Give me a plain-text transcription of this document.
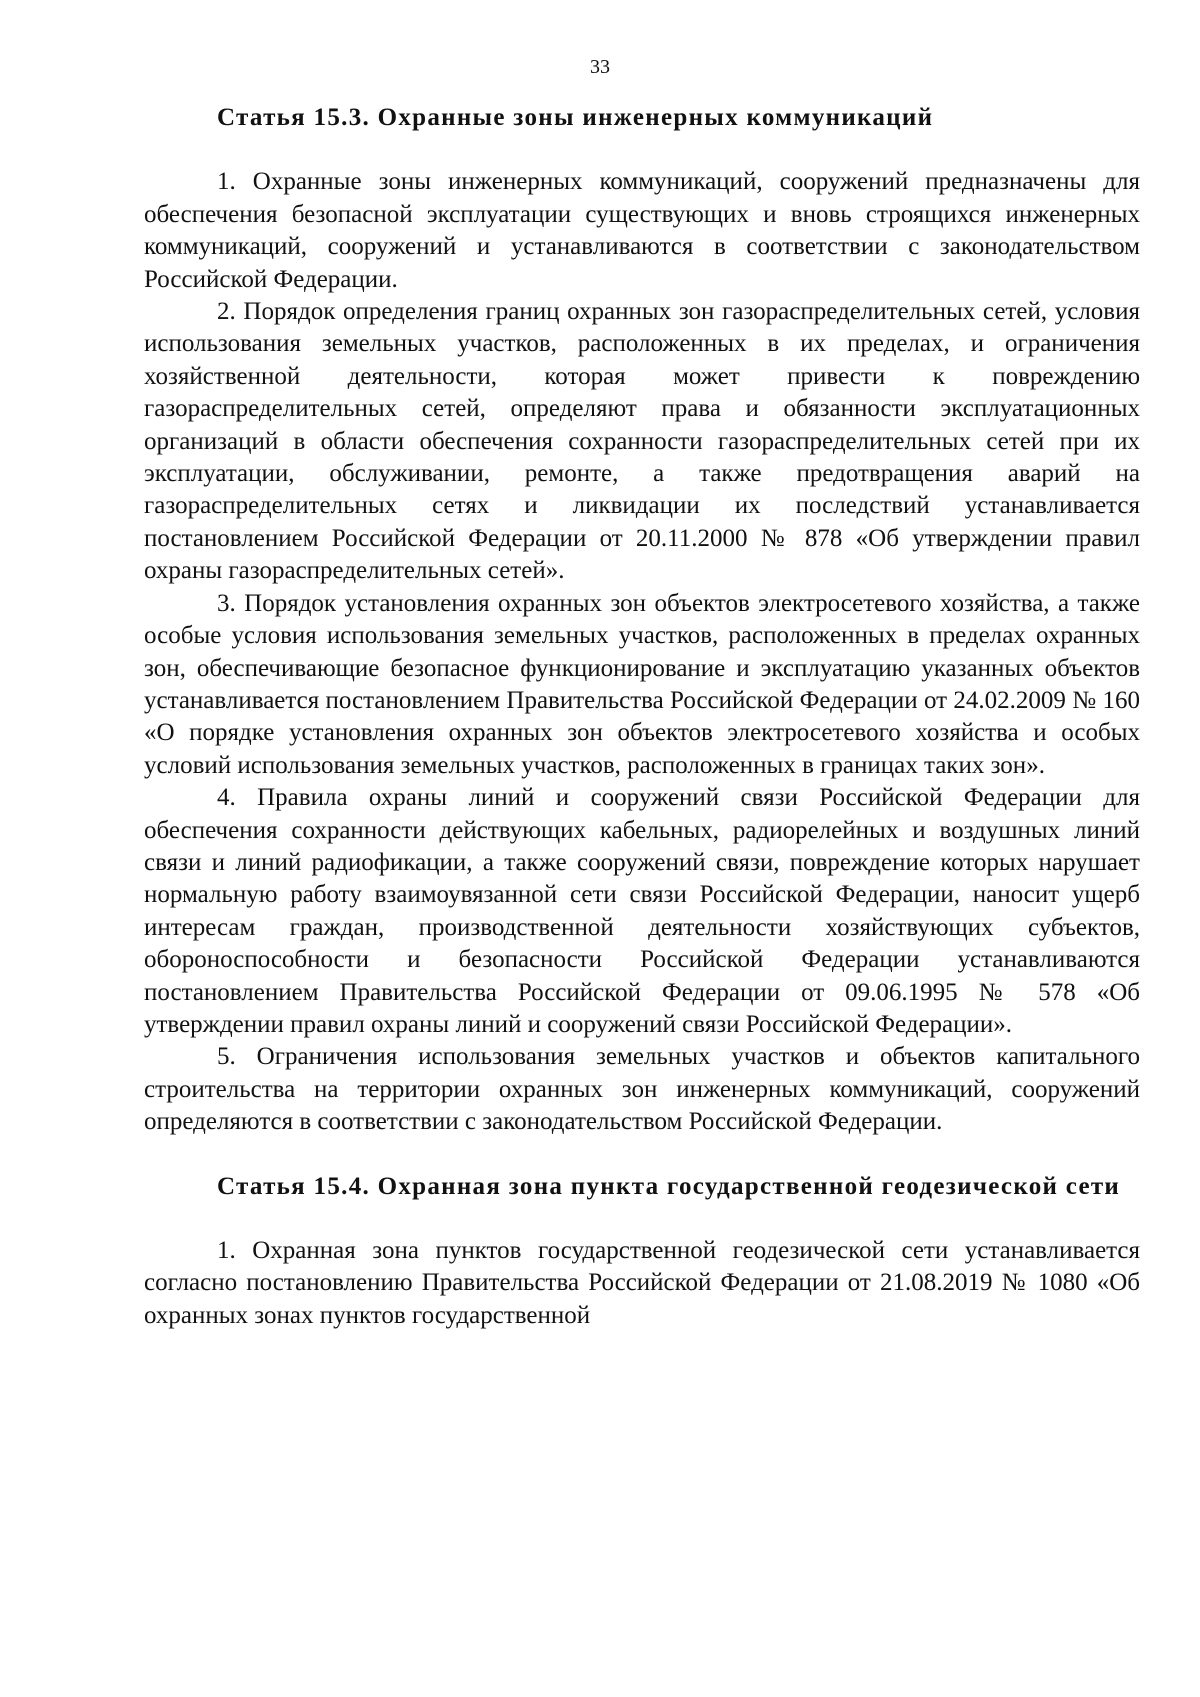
33
Статья 15.3. Охранные зоны инженерных коммуникаций

1. Охранные зоны инженерных коммуникаций, сооружений предназначены для обеспечения безопасной эксплуатации существующих и вновь строящихся инженерных коммуникаций, сооружений и устанавливаются в соответствии с законодательством Российской Федерации.

2. Порядок определения границ охранных зон газораспределительных сетей, условия использования земельных участков, расположенных в их пределах, и ограничения хозяйственной деятельности, которая может привести к повреждению газораспределительных сетей, определяют права и обязанности эксплуатационных организаций в области обеспечения сохранности газораспределительных сетей при их эксплуатации, обслуживании, ремонте, а также предотвращения аварий на газораспределительных сетях и ликвидации их последствий устанавливается постановлением Российской Федерации от 20.11.2000 № 878 «Об утверждении правил охраны газораспределительных сетей».

3. Порядок установления охранных зон объектов электросетевого хозяйства, а также особые условия использования земельных участков, расположенных в пределах охранных зон, обеспечивающие безопасное функционирование и эксплуатацию указанных объектов устанавливается постановлением Правительства Российской Федерации от 24.02.2009 № 160 «О порядке установления охранных зон объектов электросетевого хозяйства и особых условий использования земельных участков, расположенных в границах таких зон».

4. Правила охраны линий и сооружений связи Российской Федерации для обеспечения сохранности действующих кабельных, радиорелейных и воздушных линий связи и линий радиофикации, а также сооружений связи, повреждение которых нарушает нормальную работу взаимоувязанной сети связи Российской Федерации, наносит ущерб интересам граждан, производственной деятельности хозяйствующих субъектов, обороноспособности и безопасности Российской Федерации устанавливаются постановлением Правительства Российской Федерации от 09.06.1995 № 578 «Об утверждении правил охраны линий и сооружений связи Российской Федерации».

5. Ограничения использования земельных участков и объектов капитального строительства на территории охранных зон инженерных коммуникаций, сооружений определяются в соответствии с законодательством Российской Федерации.

Статья 15.4. Охранная зона пункта государственной геодезической сети

1. Охранная зона пунктов государственной геодезической сети устанавливается согласно постановлению Правительства Российской Федерации от 21.08.2019 № 1080 «Об охранных зонах пунктов государственной
